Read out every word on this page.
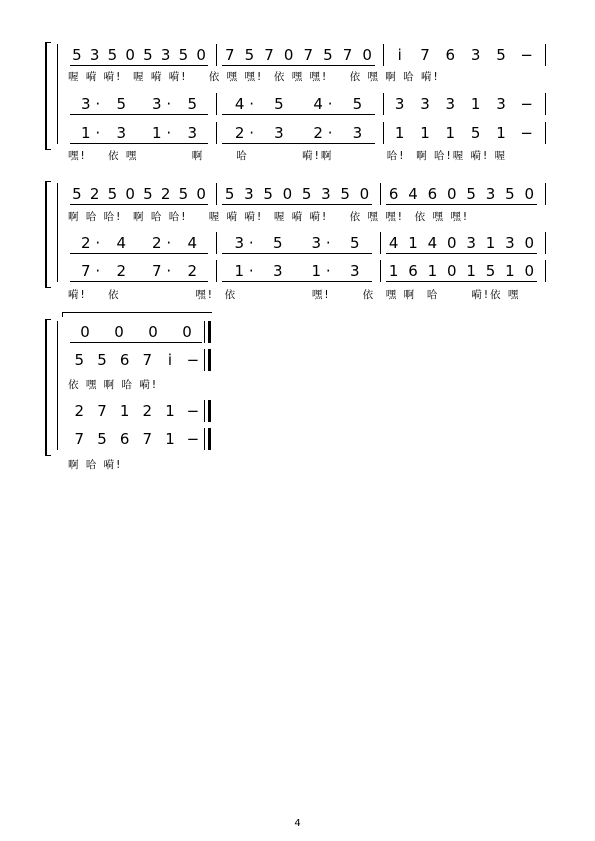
5 3 5 0 5 3 5 0 7 5 7 0 7 5 7 0 i 7 6 3 5 −
喔 嗬 嗬!  喔 嗬 嗬!    依 嘿 嘿!  依 嘿 嘿!    依 嘿 啊 哈 嗬!
3 · 5 3 · 5	4 · 5 4 · 5 3 3 3 1 3 −
1 · 3 1 · 3	2 · 3 2 · 3 1 1 1 5 1 −
嘿!    依 嘿          啊      哈          嗬!啊          哈!  啊 哈!喔 嗬! 喔
5 2 5 0 5 2 5 0 5 3 5 0 5 3 5 0 6 4 6 0 5 3 5 0
啊 哈 哈!  啊 哈 哈!    喔 嗬 嗬!  喔 嗬 嗬!    依 嘿 嘿!  依 嘿 嘿!
2 · 4 2 · 4 3 · 5 3 · 5 4 1 4 0 3 1 3 0
7 · 2 7 · 2 1 · 3 1 · 3 1 6 1 0 1 5 1 0
嗬!    依              嘿!  依              嘿!      依  嘿 啊  哈      嗬!依 嘿
0 0 0 0
5 5 6 7 i −
依 嘿 啊 哈 嗬!
2 7 1 2 1 −
7 5 6 7 1 −
啊 哈 嗬!
4
